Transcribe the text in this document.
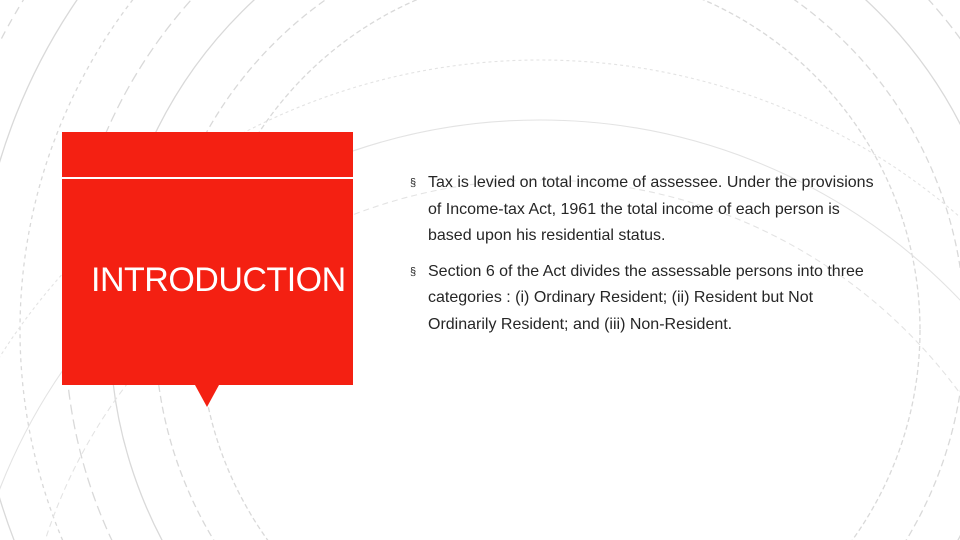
INTRODUCTION
§ Tax is levied on total income of assessee. Under the provisions of Income-tax Act, 1961 the total income of each person is based upon his residential status.
§ Section 6 of the Act divides the assessable persons into three categories : (i) Ordinary Resident; (ii) Resident but Not Ordinarily Resident; and (iii) Non-Resident.
